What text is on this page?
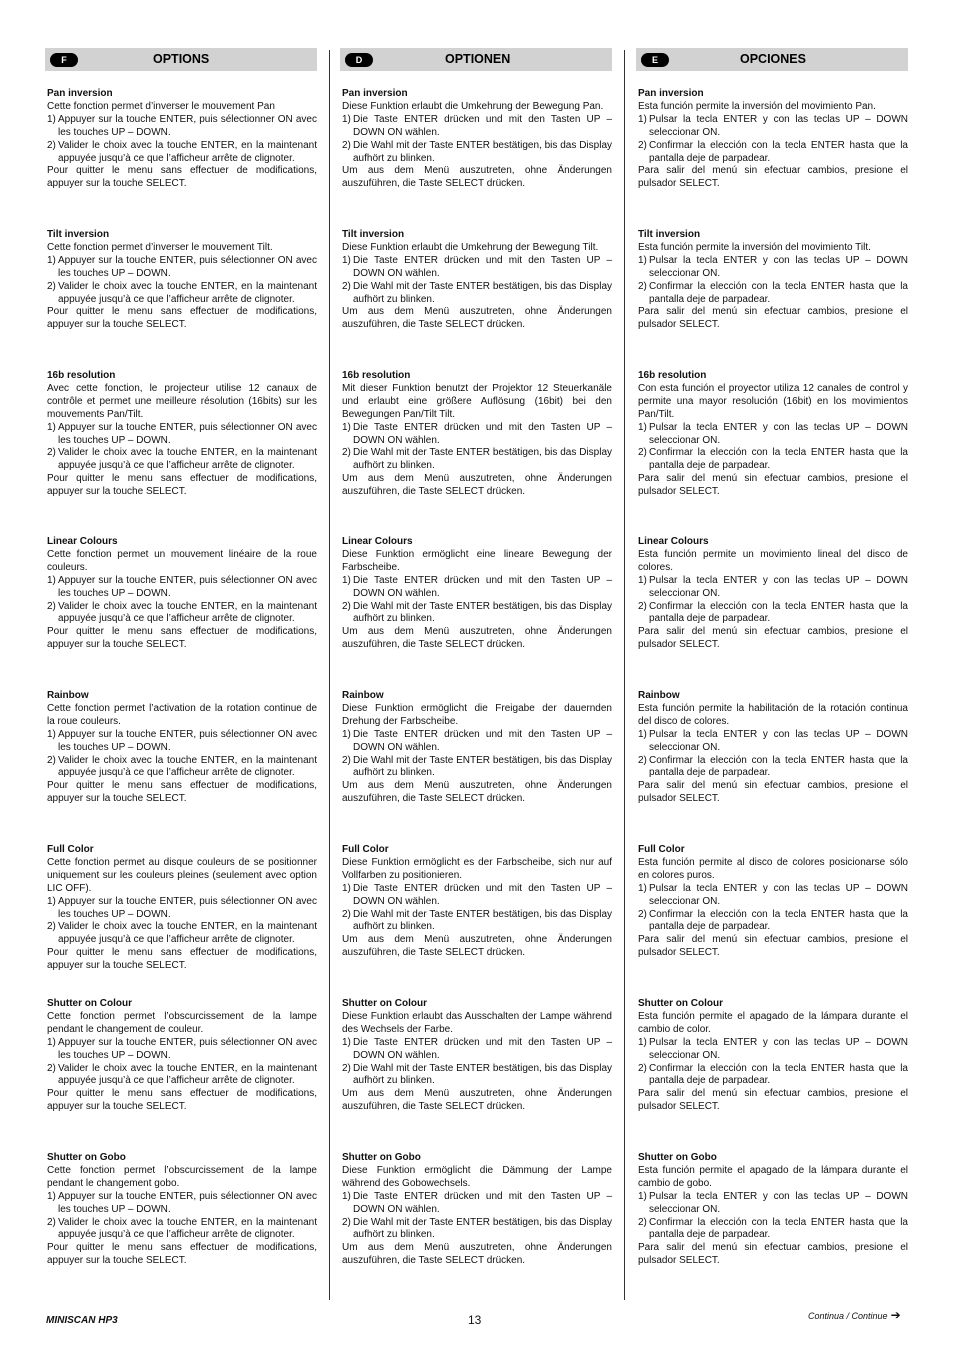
F	OPTIONS
Pan inversion
Cette fonction permet d’inverser le mouvement Pan
1) Appuyer sur la touche ENTER, puis sélectionner ON avec les touches UP – DOWN.
2) Valider le choix avec la touche ENTER, en la maintenant appuyée jusqu’à ce que l’afficheur arrête de clignoter.
Pour quitter le menu sans effectuer de modifications, appuyer sur la touche SELECT.
Tilt inversion
Cette fonction permet d’inverser le mouvement Tilt.
1) Appuyer sur la touche ENTER, puis sélectionner ON avec les touches UP – DOWN.
2) Valider le choix avec la touche ENTER, en la maintenant appuyée jusqu’à ce que l’afficheur arrête de clignoter.
Pour quitter le menu sans effectuer de modifications, appuyer sur la touche SELECT.
16b resolution
Avec cette fonction, le projecteur utilise 12 canaux de contrôle et permet une meilleure résolution (16bits) sur les mouvements Pan/Tilt.
1) Appuyer sur la touche ENTER, puis sélectionner ON avec les touches UP – DOWN.
2) Valider le choix avec la touche ENTER, en la maintenant appuyée jusqu’à ce que l’afficheur arrête de clignoter.
Pour quitter le menu sans effectuer de modifications, appuyer sur la touche SELECT.
Linear Colours
Cette fonction permet un mouvement linéaire de la roue couleurs.
1) Appuyer sur la touche ENTER, puis sélectionner ON avec les touches UP – DOWN.
2) Valider le choix avec la touche ENTER, en la maintenant appuyée jusqu’à ce que l’afficheur arrête de clignoter.
Pour quitter le menu sans effectuer de modifications, appuyer sur la touche SELECT.
Rainbow
Cette fonction permet l’activation de la rotation continue de la roue couleurs.
1) Appuyer sur la touche ENTER, puis sélectionner ON avec les touches UP – DOWN.
2) Valider le choix avec la touche ENTER, en la maintenant appuyée jusqu’à ce que l’afficheur arrête de clignoter.
Pour quitter le menu sans effectuer de modifications, appuyer sur la touche SELECT.
Full Color
Cette fonction permet au disque couleurs de se positionner uniquement sur les couleurs pleines (seulement avec option LIC OFF).
1) Appuyer sur la touche ENTER, puis sélectionner ON avec les touches UP – DOWN.
2) Valider le choix avec la touche ENTER, en la maintenant appuyée jusqu’à ce que l’afficheur arrête de clignoter.
Pour quitter le menu sans effectuer de modifications, appuyer sur la touche SELECT.
Shutter on Colour
Cette fonction permet l’obscurcissement de la lampe pendant le changement de couleur.
1) Appuyer sur la touche ENTER, puis sélectionner ON avec les touches UP – DOWN.
2) Valider le choix avec la touche ENTER, en la maintenant appuyée jusqu’à ce que l’afficheur arrête de clignoter.
Pour quitter le menu sans effectuer de modifications, appuyer sur la touche SELECT.
Shutter on Gobo
Cette fonction permet l’obscurcissement de la lampe pendant le changement gobo.
1) Appuyer sur la touche ENTER, puis sélectionner ON avec les touches UP – DOWN.
2) Valider le choix avec la touche ENTER, en la maintenant appuyée jusqu’à ce que l’afficheur arrête de clignoter.
Pour quitter le menu sans effectuer de modifications, appuyer sur la touche SELECT.
D	OPTIONEN
Pan inversion
Diese Funktion erlaubt die Umkehrung der Bewegung Pan.
1) Die Taste ENTER drücken und mit den Tasten UP – DOWN ON wählen.
2) Die Wahl mit der Taste ENTER bestätigen, bis das Display aufhört zu blinken.
Um aus dem Menü auszutreten, ohne Änderungen auszuführen, die Taste SELECT drücken.
Tilt inversion
Diese Funktion erlaubt die Umkehrung der Bewegung Tilt.
1) Die Taste ENTER drücken und mit den Tasten UP – DOWN ON wählen.
2) Die Wahl mit der Taste ENTER bestätigen, bis das Display aufhört zu blinken.
Um aus dem Menü auszutreten, ohne Änderungen auszuführen, die Taste SELECT drücken.
16b resolution
Mit dieser Funktion benutzt der Projektor 12 Steuerkanäle und erlaubt eine größere Auflösung (16bit) bei den Bewegungen Pan/Tilt Tilt.
1) Die Taste ENTER drücken und mit den Tasten UP – DOWN ON wählen.
2) Die Wahl mit der Taste ENTER bestätigen, bis das Display aufhört zu blinken.
Um aus dem Menü auszutreten, ohne Änderungen auszuführen, die Taste SELECT drücken.
Linear Colours
Diese Funktion ermöglicht eine lineare Bewegung der Farbscheibe.
1) Die Taste ENTER drücken und mit den Tasten UP – DOWN ON wählen.
2) Die Wahl mit der Taste ENTER bestätigen, bis das Display aufhört zu blinken.
Um aus dem Menü auszutreten, ohne Änderungen auszuführen, die Taste SELECT drücken.
Rainbow
Diese Funktion ermöglicht die Freigabe der dauernden Drehung der Farbscheibe.
1) Die Taste ENTER drücken und mit den Tasten UP – DOWN ON wählen.
2) Die Wahl mit der Taste ENTER bestätigen, bis das Display aufhört zu blinken.
Um aus dem Menü auszutreten, ohne Änderungen auszuführen, die Taste SELECT drücken.
Full Color
Diese Funktion ermöglicht es der Farbscheibe, sich nur auf Vollfarben zu positionieren.
1) Die Taste ENTER drücken und mit den Tasten UP – DOWN ON wählen.
2) Die Wahl mit der Taste ENTER bestätigen, bis das Display aufhört zu blinken.
Um aus dem Menü auszutreten, ohne Änderungen auszuführen, die Taste SELECT drücken.
Shutter on Colour
Diese Funktion erlaubt das Ausschalten der Lampe während des Wechsels der Farbe.
1) Die Taste ENTER drücken und mit den Tasten UP – DOWN ON wählen.
2) Die Wahl mit der Taste ENTER bestätigen, bis das Display aufhört zu blinken.
Um aus dem Menü auszutreten, ohne Änderungen auszuführen, die Taste SELECT drücken.
Shutter on Gobo
Diese Funktion ermöglicht die Dämmung der Lampe während des Gobowechsels.
1) Die Taste ENTER drücken und mit den Tasten UP – DOWN ON wählen.
2) Die Wahl mit der Taste ENTER bestätigen, bis das Display aufhört zu blinken.
Um aus dem Menü auszutreten, ohne Änderungen auszuführen, die Taste SELECT drücken.
E	OPCIONES
Pan inversion
Esta función permite la inversión del movimiento Pan.
1) Pulsar la tecla ENTER y con las teclas UP – DOWN seleccionar ON.
2) Confirmar la elección con la tecla ENTER hasta que la pantalla deje de parpadear.
Para salir del menú sin efectuar cambios, presione el pulsador SELECT.
Tilt inversion
Esta función permite la inversión del movimiento Tilt.
1) Pulsar la tecla ENTER y con las teclas UP – DOWN seleccionar ON.
2) Confirmar la elección con la tecla ENTER hasta que la pantalla deje de parpadear.
Para salir del menú sin efectuar cambios, presione el pulsador SELECT.
16b resolution
Con esta función el proyector utiliza 12 canales de control y permite una mayor resolución (16bit) en los movimientos Pan/Tilt.
1) Pulsar la tecla ENTER y con las teclas UP – DOWN seleccionar ON.
2) Confirmar la elección con la tecla ENTER hasta que la pantalla deje de parpadear.
Para salir del menú sin efectuar cambios, presione el pulsador SELECT.
Linear Colours
Esta función permite un movimiento lineal del disco de colores.
1) Pulsar la tecla ENTER y con las teclas UP – DOWN seleccionar ON.
2) Confirmar la elección con la tecla ENTER hasta que la pantalla deje de parpadear.
Para salir del menú sin efectuar cambios, presione el pulsador SELECT.
Rainbow
Esta función permite la habilitación de la rotación continua del disco de colores.
1) Pulsar la tecla ENTER y con las teclas UP – DOWN seleccionar ON.
2) Confirmar la elección con la tecla ENTER hasta que la pantalla deje de parpadear.
Para salir del menú sin efectuar cambios, presione el pulsador SELECT.
Full Color
Esta función permite al disco de colores posicionarse sólo en colores puros.
1) Pulsar la tecla ENTER y con las teclas UP – DOWN seleccionar ON.
2) Confirmar la elección con la tecla ENTER hasta que la pantalla deje de parpadear.
Para salir del menú sin efectuar cambios, presione el pulsador SELECT.
Shutter on Colour
Esta función permite el apagado de la lámpara durante el cambio de color.
1) Pulsar la tecla ENTER y con las teclas UP – DOWN seleccionar ON.
2) Confirmar la elección con la tecla ENTER hasta que la pantalla deje de parpadear.
Para salir del menú sin efectuar cambios, presione el pulsador SELECT.
Shutter on Gobo
Esta función permite el apagado de la lámpara durante el cambio de gobo.
1) Pulsar la tecla ENTER y con las teclas UP – DOWN seleccionar ON.
2) Confirmar la elección con la tecla ENTER hasta que la pantalla deje de parpadear.
Para salir del menú sin efectuar cambios, presione el pulsador SELECT.
MINISCAN HP3	13	Continua / Continue ➔
